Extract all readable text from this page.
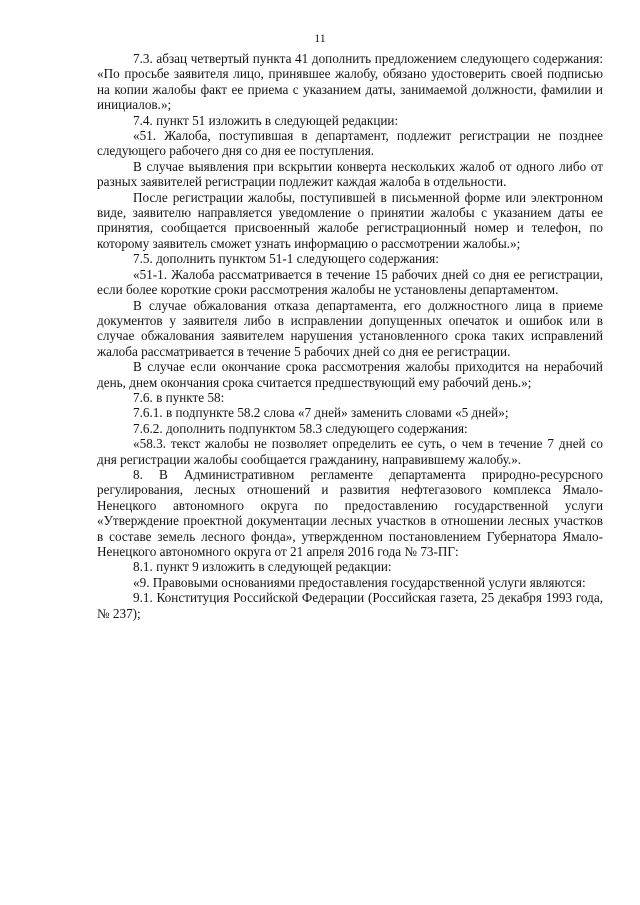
11

7.3. абзац четвертый пункта 41 дополнить предложением следующего содержания: «По просьбе заявителя лицо, принявшее жалобу, обязано удостоверить своей подписью на копии жалобы факт ее приема с указанием даты, занимаемой должности, фамилии и инициалов.»;

7.4. пункт 51 изложить в следующей редакции:

«51. Жалоба, поступившая в департамент, подлежит регистрации не позднее следующего рабочего дня со дня ее поступления.

В случае выявления при вскрытии конверта нескольких жалоб от одного либо от разных заявителей регистрации подлежит каждая жалоба в отдельности.

После регистрации жалобы, поступившей в письменной форме или электронном виде, заявителю направляется уведомление о принятии жалобы с указанием даты ее принятия, сообщается присвоенный жалобе регистрационный номер и телефон, по которому заявитель сможет узнать информацию о рассмотрении жалобы.»;

7.5. дополнить пунктом 51-1 следующего содержания:

«51-1. Жалоба рассматривается в течение 15 рабочих дней со дня ее регистрации, если более короткие сроки рассмотрения жалобы не установлены департаментом.

В случае обжалования отказа департамента, его должностного лица в приеме документов у заявителя либо в исправлении допущенных опечаток и ошибок или в случае обжалования заявителем нарушения установленного срока таких исправлений жалоба рассматривается в течение 5 рабочих дней со дня ее регистрации.

В случае если окончание срока рассмотрения жалобы приходится на нерабочий день, днем окончания срока считается предшествующий ему рабочий день.»;

7.6. в пункте 58:

7.6.1. в подпункте 58.2 слова «7 дней» заменить словами «5 дней»;

7.6.2. дополнить подпунктом 58.3 следующего содержания:

«58.3. текст жалобы не позволяет определить ее суть, о чем в течение 7 дней со дня регистрации жалобы сообщается гражданину, направившему жалобу.».

8. В Административном регламенте департамента природно-ресурсного регулирования, лесных отношений и развития нефтегазового комплекса Ямало-Ненецкого автономного округа по предоставлению государственной услуги «Утверждение проектной документации лесных участков в отношении лесных участков в составе земель лесного фонда», утвержденном постановлением Губернатора Ямало-Ненецкого автономного округа от 21 апреля 2016 года № 73-ПГ:

8.1. пункт 9 изложить в следующей редакции:

«9. Правовыми основаниями предоставления государственной услуги являются:

9.1. Конституция Российской Федерации (Российская газета, 25 декабря 1993 года, № 237);
